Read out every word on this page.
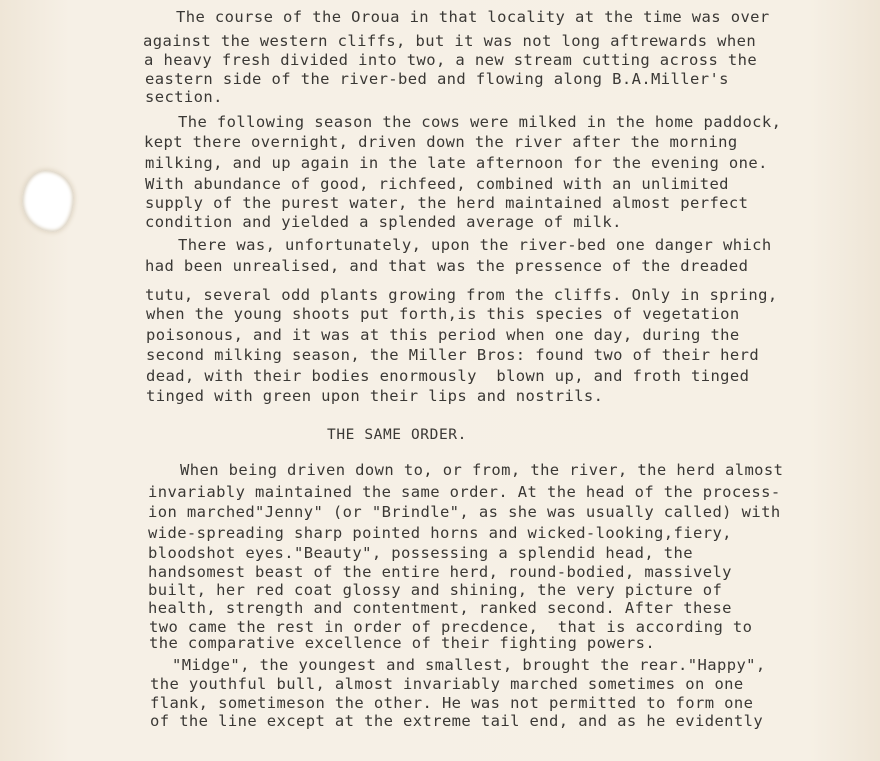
The course of the Oroua in that locality at the time was over
against the western cliffs, but it was not long aftrewards when
a heavy fresh divided into two, a new stream cutting across the
eastern side of the river-bed and flowing along B.A.Miller's
section.
The following season the cows were milked in the home paddock,
kept there overnight, driven down the river after the morning
milking, and up again in the late afternoon for the evening one.
With abundance of good, richfeed, combined with an unlimited
supply of the purest water, the herd maintained almost perfect
condition and yielded a splended average of milk.
There was, unfortunately, upon the river-bed one danger which
had been unrealised, and that was the pressence of the dreaded
tutu, several odd plants growing from the cliffs. Only in spring,
when the young shoots put forth,is this species of vegetation
poisonous, and it was at this period when one day, during the
second milking season, the Miller Bros: found two of their herd
dead, with their bodies enormously  blown up, and froth tinged
tinged with green upon their lips and nostrils.
THE SAME ORDER.
When being driven down to, or from, the river, the herd almost
invariably maintained the same order. At the head of the process-
ion marched"Jenny" (or "Brindle", as she was usually called) with
wide-spreading sharp pointed horns and wicked-looking,fiery,
bloodshot eyes."Beauty", possessing a splendid head, the
handsomest beast of the entire herd, round-bodied, massively
built, her red coat glossy and shining, the very picture of
health, strength and contentment, ranked second. After these
two came the rest in order of precdence,  that is according to
the comparative excellence of their fighting powers.
"Midge", the youngest and smallest, brought the rear."Happy",
the youthful bull, almost invariably marched sometimes on one
flank, sometimeson the other. He was not permitted to form one
of the line except at the extreme tail end, and as he evidently
